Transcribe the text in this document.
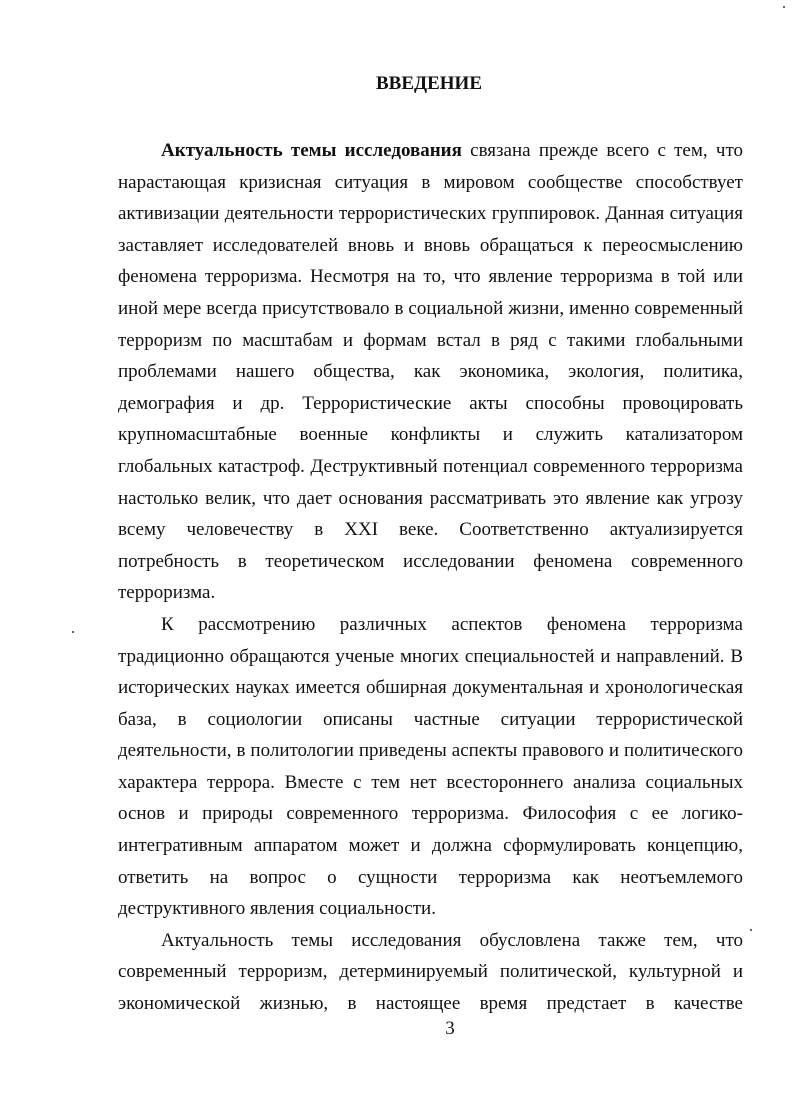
ВВЕДЕНИЕ
Актуальность темы исследования связана прежде всего с тем, что
нарастающая кризисная ситуация в мировом сообществе способствует
активизации деятельности террористических группировок. Данная ситуация
заставляет исследователей вновь и вновь обращаться к переосмыслению
феномена терроризма. Несмотря на то, что явление терроризма в той или
иной мере всегда присутствовало в социальной жизни, именно современный
терроризм по масштабам и формам встал в ряд с такими глобальными
проблемами нашего общества, как экономика, экология, политика,
демография и др. Террористические акты способны провоцировать
крупномасштабные военные конфликты и служить катализатором
глобальных катастроф. Деструктивный потенциал современного терроризма
настолько велик, что дает основания рассматривать это явление как угрозу
всему человечеству в XXI веке. Соответственно актуализируется
потребность в теоретическом исследовании феномена современного
терроризма.
К рассмотрению различных аспектов феномена терроризма
традиционно обращаются ученые многих специальностей и направлений. В
исторических науках имеется обширная документальная и хронологическая
база, в социологии описаны частные ситуации террористической
деятельности, в политологии приведены аспекты правового и политического
характера террора. Вместе с тем нет всестороннего анализа социальных
основ и природы современного терроризма. Философия с ее логико-
интегративным аппаратом может и должна сформулировать концепцию,
ответить на вопрос о сущности терроризма как неотъемлемого
деструктивного явления социальности.
Актуальность темы исследования обусловлена также тем, что
современный терроризм, детерминируемый политической, культурной и
экономической жизнью, в настоящее время предстает в качестве
3
